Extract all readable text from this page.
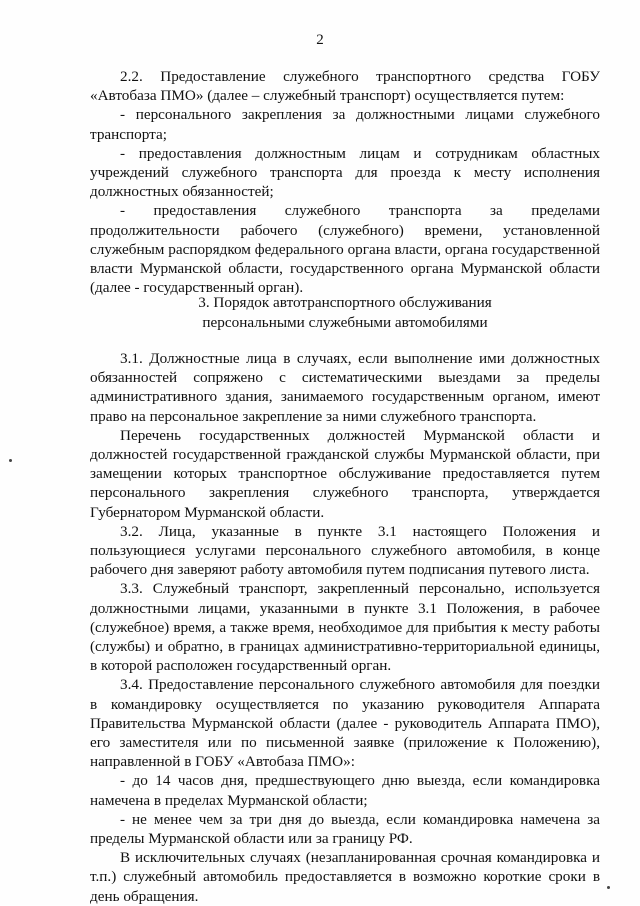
2

2.2. Предоставление служебного транспортного средства ГОБУ «Автобаза ПМО» (далее – служебный транспорт) осуществляется путем:

- персонального закрепления за должностными лицами служебного транспорта;

- предоставления должностным лицам и сотрудникам областных учреждений служебного транспорта для проезда к месту исполнения должностных обязанностей;

- предоставления служебного транспорта за пределами продолжительности рабочего (служебного) времени, установленной служебным распорядком федерального органа власти, органа государственной власти Мурманской области, государственного органа Мурманской области (далее - государственный орган).

3. Порядок автотранспортного обслуживания

персональными служебными автомобилями

3.1. Должностные лица в случаях, если выполнение ими должностных обязанностей сопряжено с систематическими выездами за пределы административного здания, занимаемого государственным органом, имеют право на персональное закрепление за ними служебного транспорта.

Перечень государственных должностей Мурманской области и должностей государственной гражданской службы Мурманской области, при замещении которых транспортное обслуживание предоставляется путем персонального закрепления служебного транспорта, утверждается Губернатором Мурманской области.

3.2. Лица, указанные в пункте 3.1 настоящего Положения и пользующиеся услугами персонального служебного автомобиля, в конце рабочего дня заверяют работу автомобиля путем подписания путевого листа.

3.3. Служебный транспорт, закрепленный персонально, используется должностными лицами, указанными в пункте 3.1 Положения, в рабочее (служебное) время, а также время, необходимое для прибытия к месту работы (службы) и обратно, в границах административно-территориальной единицы, в которой расположен государственный орган.

3.4. Предоставление персонального служебного автомобиля для поездки в командировку осуществляется по указанию руководителя Аппарата Правительства Мурманской области (далее - руководитель Аппарата ПМО), его заместителя или по письменной заявке (приложение к Положению), направленной в ГОБУ «Автобаза ПМО»:

- до 14 часов дня, предшествующего дню выезда, если командировка намечена в пределах Мурманской области;

- не менее чем за три дня до выезда, если командировка намечена за пределы Мурманской области или за границу РФ.

В исключительных случаях (незапланированная срочная командировка и т.п.) служебный автомобиль предоставляется в возможно короткие сроки в день обращения.
